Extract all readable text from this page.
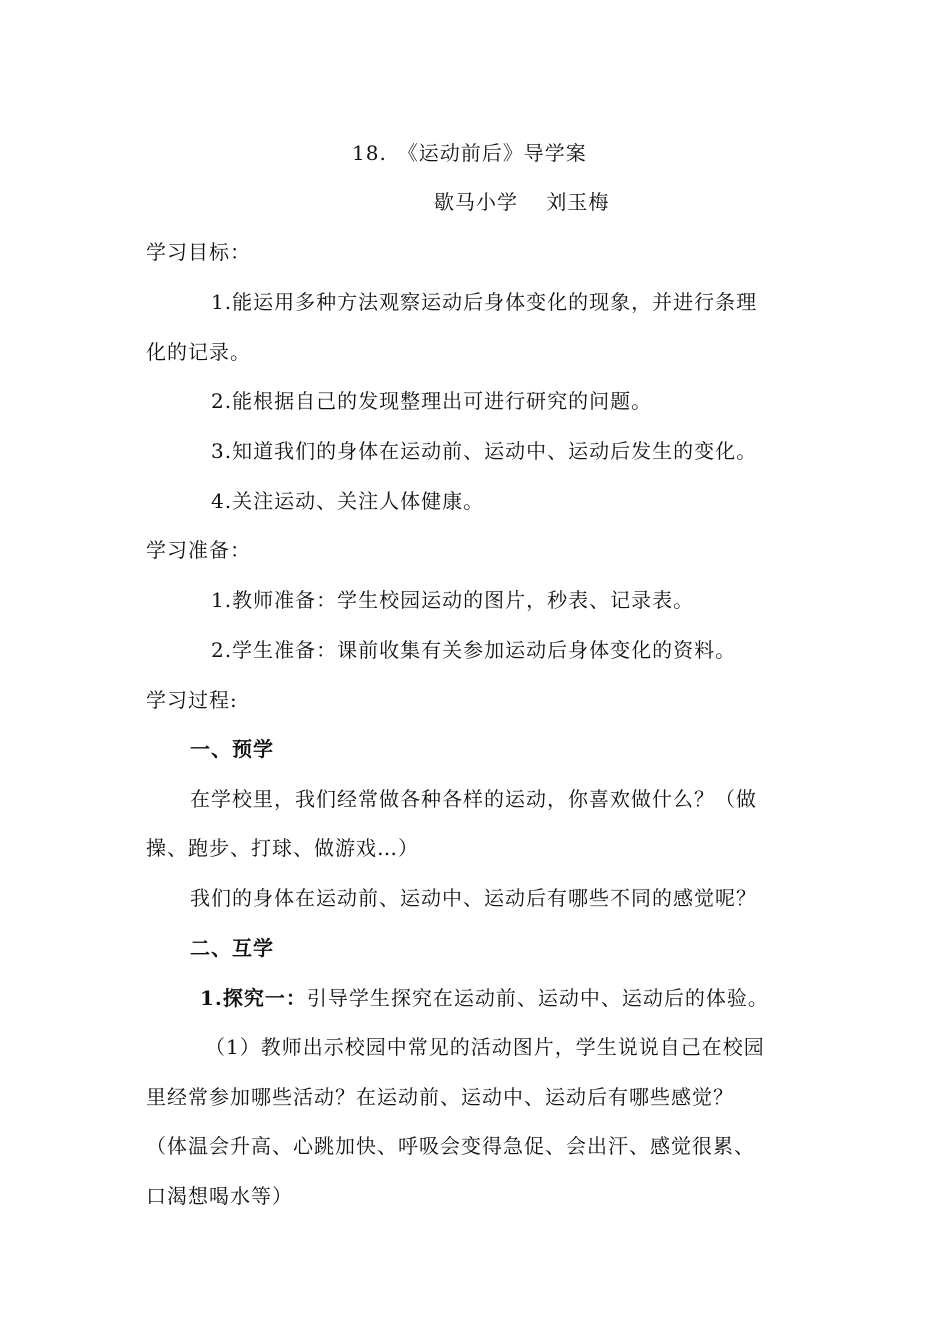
18.　《运动前后》导学案
歇马小学　 刘玉梅
学习目标：
1.能运用多种方法观察运动后身体变化的现象，并进行条理
化的记录。
2.能根据自己的发现整理出可进行研究的问题。
3.知道我们的身体在运动前、运动中、运动后发生的变化。
4.关注运动、关注人体健康。
学习准备：
1.教师准备：学生校园运动的图片，秒表、记录表。
2.学生准备：课前收集有关参加运动后身体变化的资料。
学习过程:
一、预学
在学校里，我们经常做各种各样的运动，你喜欢做什么？（做
操、跑步、打球、做游戏…）
我们的身体在运动前、运动中、运动后有哪些不同的感觉呢？
二、互学
1.探究一：引导学生探究在运动前、运动中、运动后的体验。
（1）教师出示校园中常见的活动图片，学生说说自己在校园
里经常参加哪些活动？在运动前、运动中、运动后有哪些感觉？
（体温会升高、心跳加快、呼吸会变得急促、会出汗、感觉很累、
口渴想喝水等）
